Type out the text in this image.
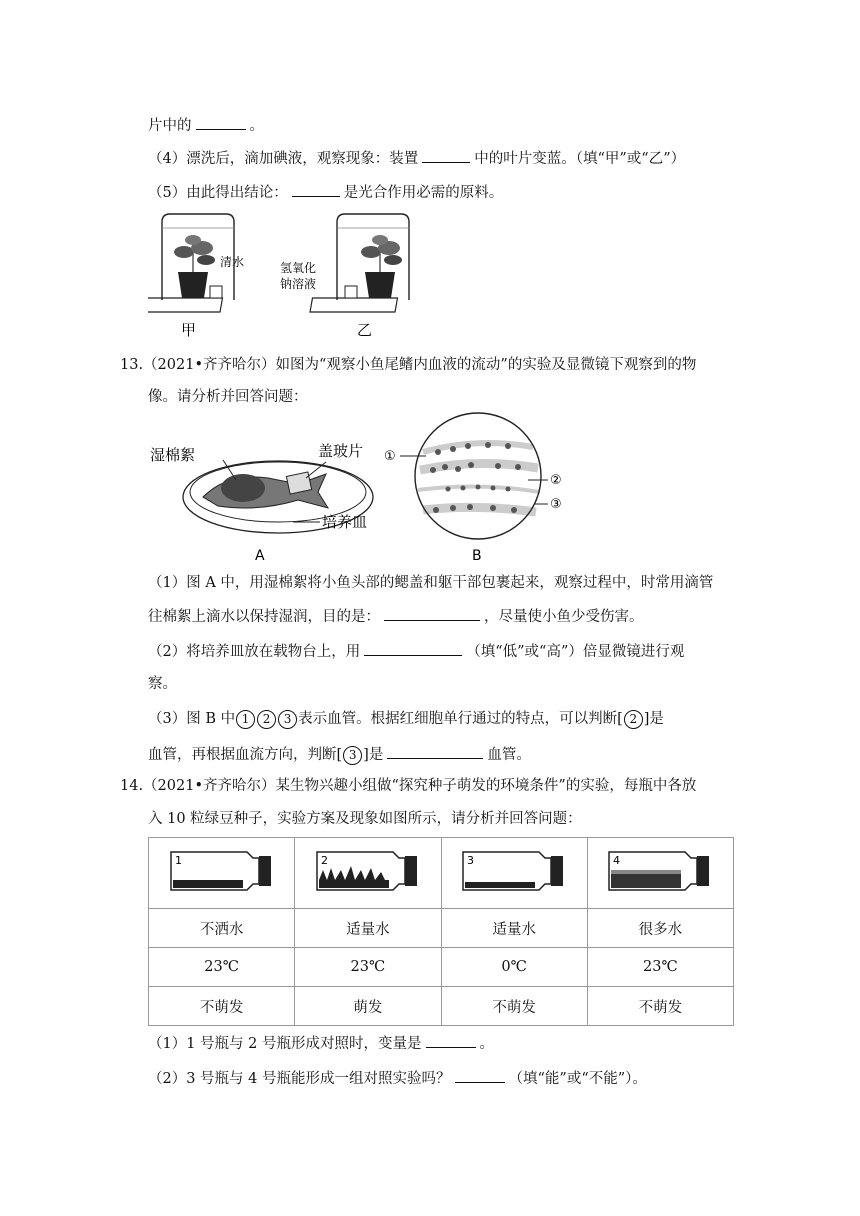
片中的	。
（4）漂洗后，滴加碘液，观察现象：装置	中的叶片变蓝。（填“甲”或“乙”）
（5）由此得出结论：	是光合作用必需的原料。
清水
甲
氢氧化
钠溶液
乙
13.（2021•齐齐哈尔）如图为“观察小鱼尾鳍内血液的流动”的实验及显微镜下观察到的物
像。请分析并回答问题：
湿棉絮	盖玻片
培养皿
A
①
②
③
B
（1）图 A 中，用湿棉絮将小鱼头部的鳃盖和躯干部包裹起来，观察过程中，时常用滴管
往棉絮上滴水以保持湿润，目的是：	，尽量使小鱼少受伤害。
（2）将培养皿放在载物台上，用	（填“低”或“高”）倍显微镜进行观
察。
（3）图 B 中 1 2 3 表示血管。根据红细胞单行通过的特点，可以判断[ 2 ]是
血管，再根据血流方向，判断[ 3 ]是	血管。
14.（2021•齐齐哈尔）某生物兴趣小组做“探究种子萌发的环境条件”的实验，每瓶中各放
入 10 粒绿豆种子，实验方案及现象如图所示，请分析并回答问题：
1	2	3	4

不洒水	适量水	适量水	很多水
23℃	23℃	0℃	23℃
不萌发	萌发	不萌发	不萌发
（1）1 号瓶与 2 号瓶形成对照时，变量是	。
（2）3 号瓶与 4 号瓶能形成一组对照实验吗？	（填“能”或“不能”）。
